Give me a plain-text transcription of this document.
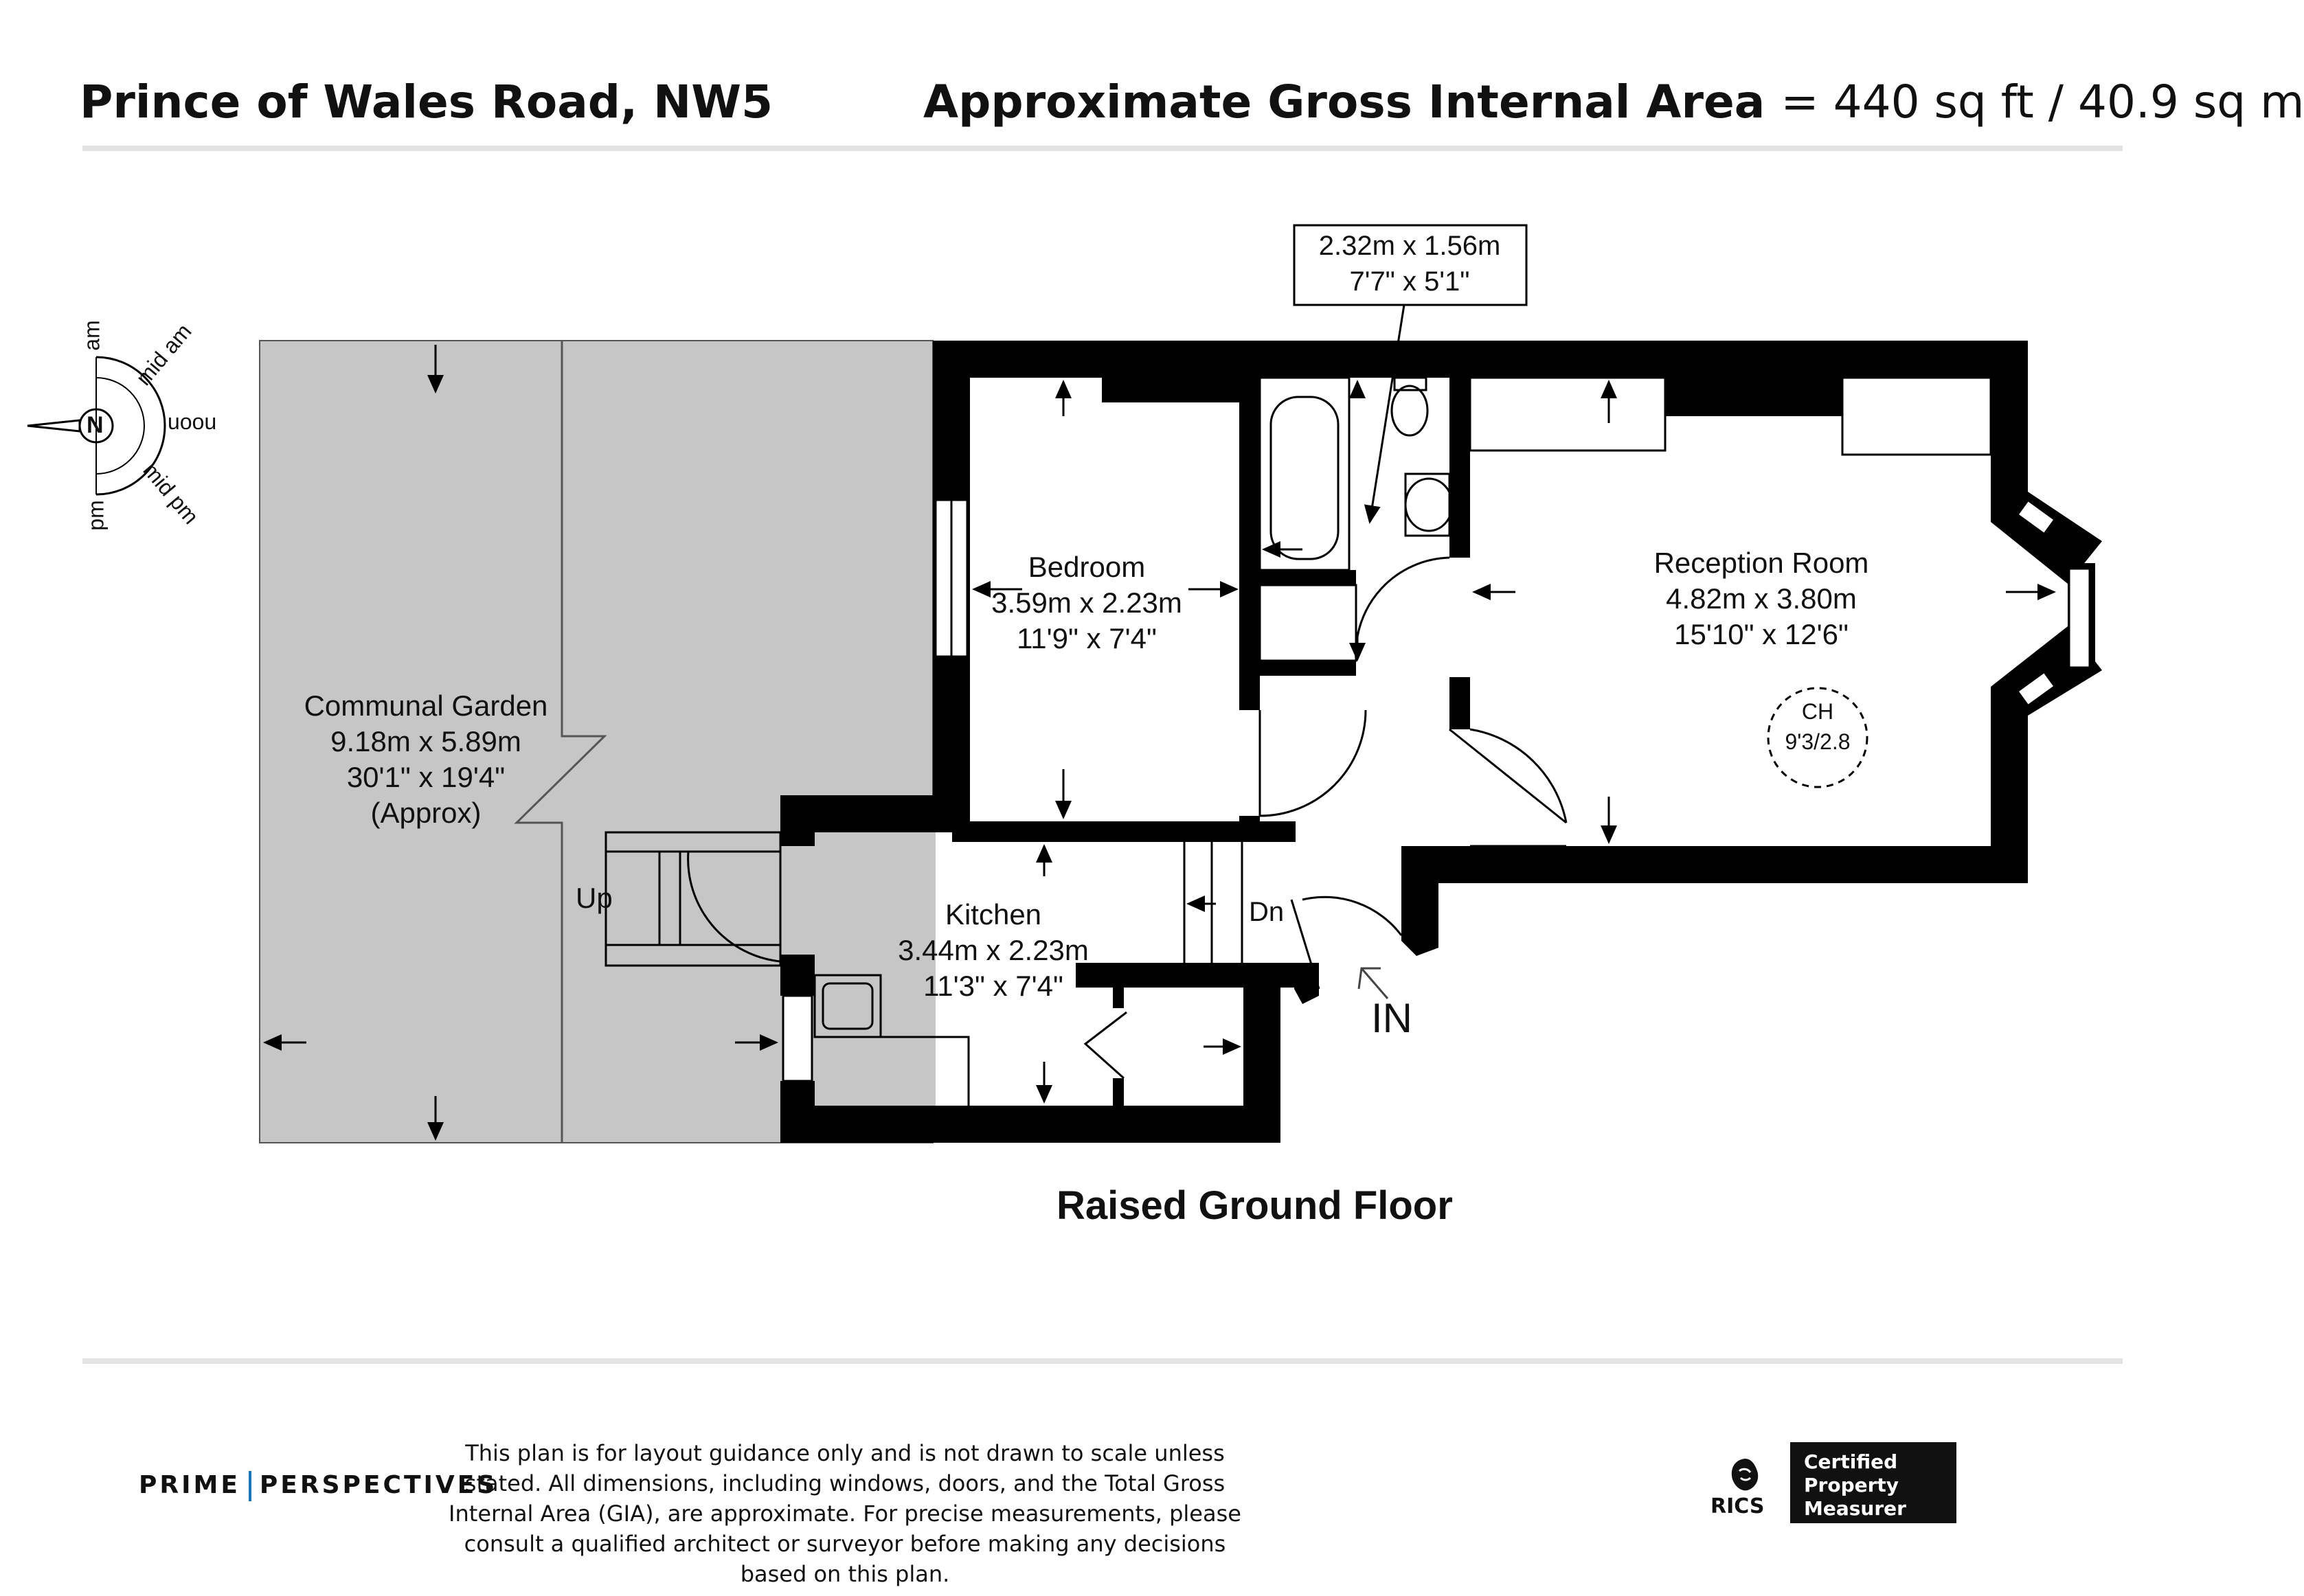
Prince of Wales Road, NW5	Approximate Gross Internal Area = 440 sq ft / 40.9 sq m
N
am mid am
noon
mid pm
pm
Bedroom
3.59m x 2.23m
11'9" x 7'4"
Reception Room
4.82m x 3.80m
15'10" x 12'6"
Kitchen
3.44m x 2.23m
11'3" x 7'4"
Communal Garden
9.18m x 5.89m
30'1" x 19'4"
(Approx)
2.32m x 1.56m
7'7" x 5'1"
CH
9'3/2.8
Up	Dn
IN
Raised Ground Floor
PRIME PERSPECTIVES
This plan is for layout guidance only and is not drawn to scale unless stated. All dimensions, including windows, doors, and the Total Gross Internal Area (GIA), are approximate. For precise measurements, please consult a qualified architect or surveyor before making any decisions based on this plan.
RICS
Certified
Property
Measurer
